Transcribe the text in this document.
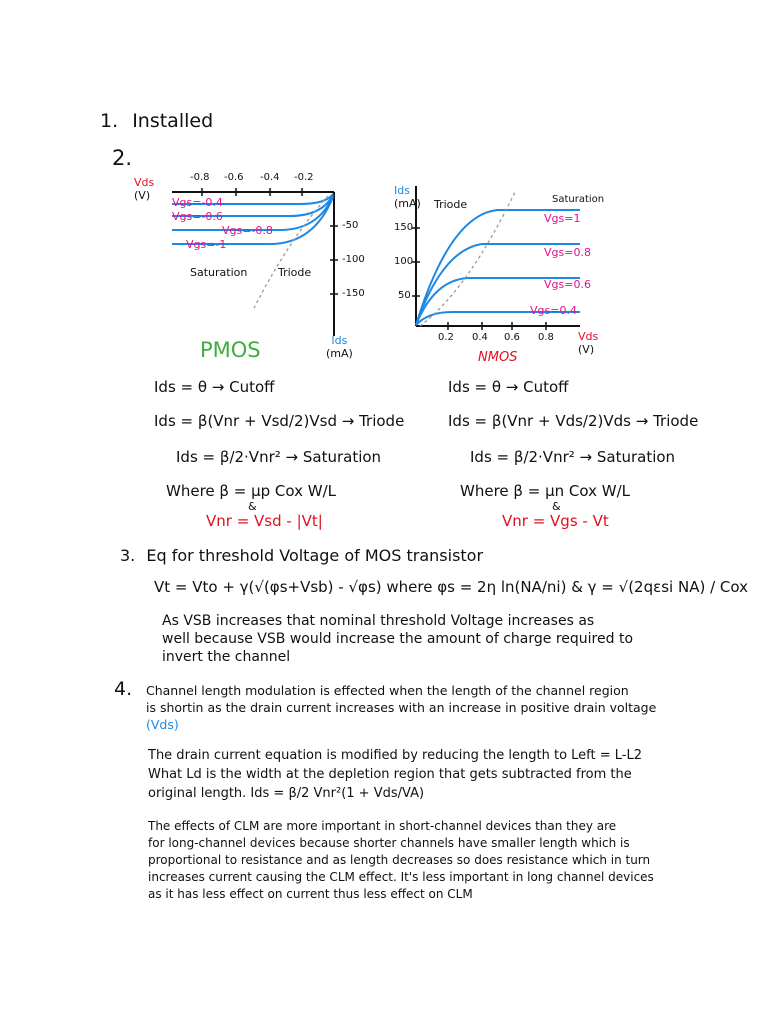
1. Installed
2.
Vds
(V)
-0.8 -0.6 -0.4 -0.2
-50
-100
-150
Vgs=-0.4
Vgs=-0.6
Vgs=-0.8
Vgs=-1
Saturation	Triode
Ids
(mA)
PMOS
Ids
(mA)
150
100
50
0.2 0.4 0.6 0.8 Vds
(V)
Triode	Saturation
Vgs=1
Vgs=0.8
Vgs=0.6
Vgs=0.4
NMOS
Ids = θ → Cutoff
Ids = β(Vnr + Vsd/2)Vsd → Triode
Ids = β/2·Vnr² → Saturation
Where β = μp Cox W/L
&
Vnr = Vsd - |Vt|
Ids = θ → Cutoff
Ids = β(Vnr + Vds/2)Vds → Triode
Ids = β/2·Vnr² → Saturation
Where β = μn Cox W/L
&
Vnr = Vgs - Vt
3. Eq for threshold Voltage of MOS transistor
Vt = Vto + γ(√(φs+Vsb) - √φs) where φs = 2η ln(NA/ni) & γ = √(2qεsi NA) / Cox
As VSB increases that nominal threshold Voltage increases as
well because VSB would increase the amount of charge required to
invert the channel
4. Channel length modulation is effected when the length of the channel region
is shortin as the drain current increases with an increase in positive drain voltage
(Vds)
The drain current equation is modified by reducing the length to Left = L-L2
What Ld is the width at the depletion region that gets subtracted from the
original length. Ids = β/2 Vnr²(1 + Vds/VA)
The effects of CLM are more important in short-channel devices than they are
for long-channel devices because shorter channels have smaller length which is
proportional to resistance and as length decreases so does resistance which in turn
increases current causing the CLM effect. It's less important in long channel devices
as it has less effect on current thus less effect on CLM
